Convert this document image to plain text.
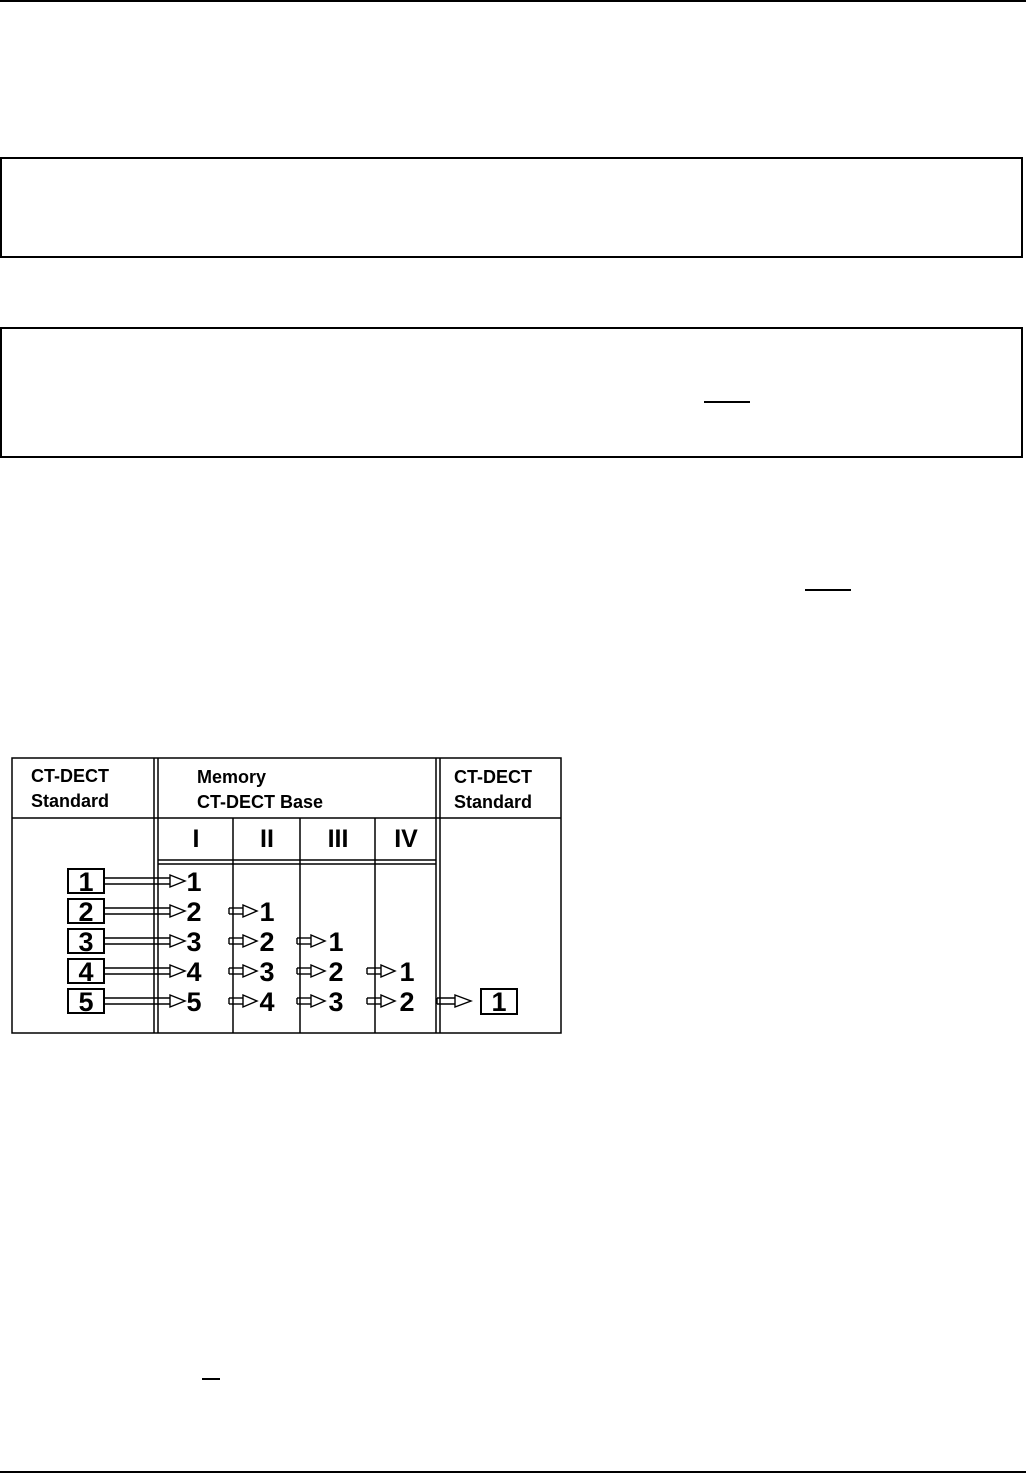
CT-DECT
Standard
Memory
CT-DECT Base
CT-DECT
Standard
I II III IV
1
2
3
4
5
1
2 1
3 2 1
4 3 2 1
5 4 3 2	1
